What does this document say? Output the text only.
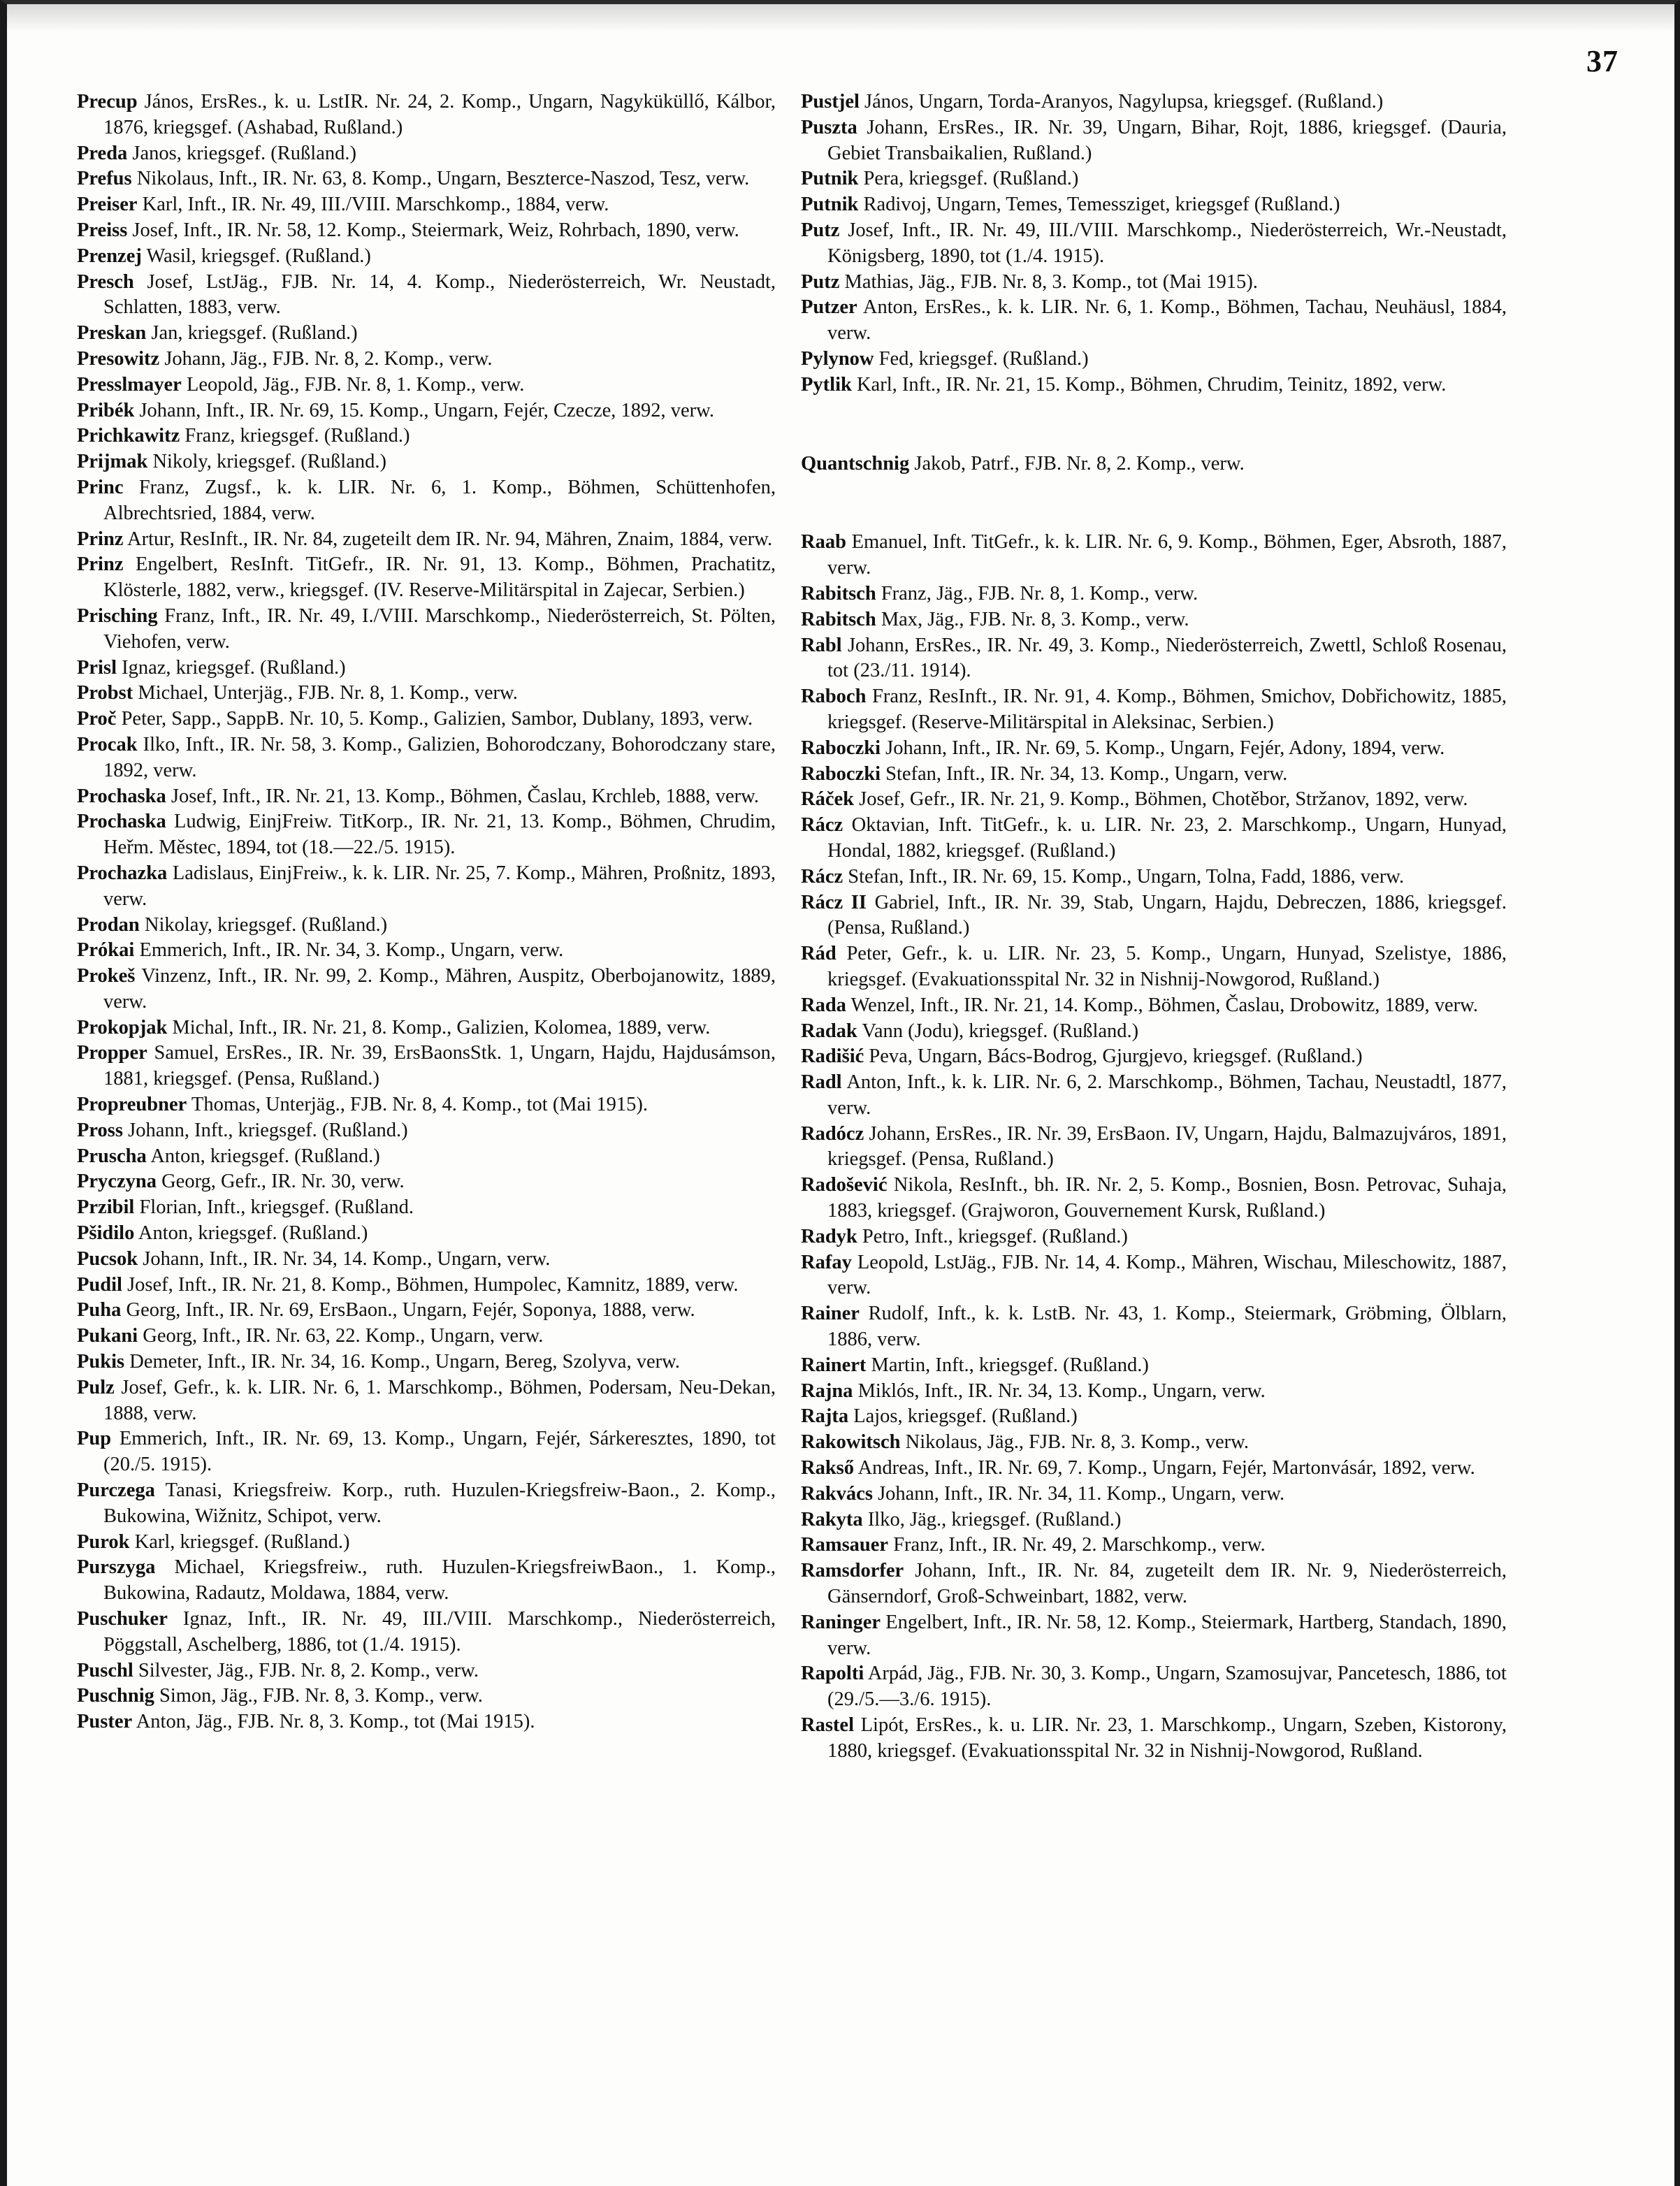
37
Precup János, ErsRes., k. u. LstIR. Nr. 24, 2. Komp., Ungarn, Nagyküküllő, Kálbor, 1876, kriegsgef. (Ashabad, Rußland.)
Preda Janos, kriegsgef. (Rußland.)
Prefus Nikolaus, Inft., IR. Nr. 63, 8. Komp., Ungarn, Beszterce-Naszod, Tesz, verw.
Preiser Karl, Inft., IR. Nr. 49, III./VIII. Marschkomp., 1884, verw.
Preiss Josef, Inft., IR. Nr. 58, 12. Komp., Steiermark, Weiz, Rohrbach, 1890, verw.
Prenzej Wasil, kriegsgef. (Rußland.)
Presch Josef, LstJäg., FJB. Nr. 14, 4. Komp., Niederösterreich, Wr. Neustadt, Schlatten, 1883, verw.
Preskan Jan, kriegsgef. (Rußland.)
Presowitz Johann, Jäg., FJB. Nr. 8, 2. Komp., verw.
Presslmayer Leopold, Jäg., FJB. Nr. 8, 1. Komp., verw.
Pribék Johann, Inft., IR. Nr. 69, 15. Komp., Ungarn, Fejér, Czecze, 1892, verw.
Prichkawitz Franz, kriegsgef. (Rußland.)
Prijmak Nikoly, kriegsgef. (Rußland.)
Princ Franz, Zugsf., k. k. LIR. Nr. 6, 1. Komp., Böhmen, Schüttenhofen, Albrechtsried, 1884, verw.
Prinz Artur, ResInft., IR. Nr. 84, zugeteilt dem IR. Nr. 94, Mähren, Znaim, 1884, verw.
Prinz Engelbert, ResInft. TitGefr., IR. Nr. 91, 13. Komp., Böhmen, Prachatitz, Klösterle, 1882, verw., kriegsgef. (IV. Reserve-Militärspital in Zajecar, Serbien.)
Prisching Franz, Inft., IR. Nr. 49, I./VIII. Marschkomp., Niederösterreich, St. Pölten, Viehofen, verw.
Prisl Ignaz, kriegsgef. (Rußland.)
Probst Michael, Unterjäg., FJB. Nr. 8, 1. Komp., verw.
Proč Peter, Sapp., SappB. Nr. 10, 5. Komp., Galizien, Sambor, Dublany, 1893, verw.
Procak Ilko, Inft., IR. Nr. 58, 3. Komp., Galizien, Bohorodczany, Bohorodczany stare, 1892, verw.
Prochaska Josef, Inft., IR. Nr. 21, 13. Komp., Böhmen, Časlau, Krchleb, 1888, verw.
Prochaska Ludwig, EinjFreiw. TitKorp., IR. Nr. 21, 13. Komp., Böhmen, Chrudim, Heřm. Městec, 1894, tot (18.—22./5. 1915).
Prochazka Ladislaus, EinjFreiw., k. k. LIR. Nr. 25, 7. Komp., Mähren, Proßnitz, 1893, verw.
Prodan Nikolay, kriegsgef. (Rußland.)
Prókai Emmerich, Inft., IR. Nr. 34, 3. Komp., Ungarn, verw.
Prokeš Vinzenz, Inft., IR. Nr. 99, 2. Komp., Mähren, Auspitz, Oberbojanowitz, 1889, verw.
Prokopjak Michal, Inft., IR. Nr. 21, 8. Komp., Galizien, Kolomea, 1889, verw.
Propper Samuel, ErsRes., IR. Nr. 39, ErsBaonsStk. 1, Ungarn, Hajdu, Hajdusámson, 1881, kriegsgef. (Pensa, Rußland.)
Propreubner Thomas, Unterjäg., FJB. Nr. 8, 4. Komp., tot (Mai 1915).
Pross Johann, Inft., kriegsgef. (Rußland.)
Pruscha Anton, kriegsgef. (Rußland.)
Pryczyna Georg, Gefr., IR. Nr. 30, verw.
Przibil Florian, Inft., kriegsgef. (Rußland.
Pšidilo Anton, kriegsgef. (Rußland.)
Pucsok Johann, Inft., IR. Nr. 34, 14. Komp., Ungarn, verw.
Pudil Josef, Inft., IR. Nr. 21, 8. Komp., Böhmen, Humpolec, Kamnitz, 1889, verw.
Puha Georg, Inft., IR. Nr. 69, ErsBaon., Ungarn, Fejér, Soponya, 1888, verw.
Pukani Georg, Inft., IR. Nr. 63, 22. Komp., Ungarn, verw.
Pukis Demeter, Inft., IR. Nr. 34, 16. Komp., Ungarn, Bereg, Szolyva, verw.
Pulz Josef, Gefr., k. k. LIR. Nr. 6, 1. Marschkomp., Böhmen, Podersam, Neu-Dekan, 1888, verw.
Pup Emmerich, Inft., IR. Nr. 69, 13. Komp., Ungarn, Fejér, Sárkeresztes, 1890, tot (20./5. 1915).
Purczega Tanasi, Kriegsfreiw. Korp., ruth. Huzulen-Kriegsfreiw-Baon., 2. Komp., Bukowina, Wižnitz, Schipot, verw.
Purok Karl, kriegsgef. (Rußland.)
Purszyga Michael, Kriegsfreiw., ruth. Huzulen-KriegsfreiwBaon., 1. Komp., Bukowina, Radautz, Moldawa, 1884, verw.
Puschuker Ignaz, Inft., IR. Nr. 49, III./VIII. Marschkomp., Niederösterreich, Pöggstall, Aschelberg, 1886, tot (1./4. 1915).
Puschl Silvester, Jäg., FJB. Nr. 8, 2. Komp., verw.
Puschnig Simon, Jäg., FJB. Nr. 8, 3. Komp., verw.
Puster Anton, Jäg., FJB. Nr. 8, 3. Komp., tot (Mai 1915).
Pustjel János, Ungarn, Torda-Aranyos, Nagylupsa, kriegsgef. (Rußland.)
Puszta Johann, ErsRes., IR. Nr. 39, Ungarn, Bihar, Rojt, 1886, kriegsgef. (Dauria, Gebiet Transbaikalien, Rußland.)
Putnik Pera, kriegsgef. (Rußland.)
Putnik Radivoj, Ungarn, Temes, Temessziget, kriegsgef (Rußland.)
Putz Josef, Inft., IR. Nr. 49, III./VIII. Marschkomp., Niederösterreich, Wr.-Neustadt, Königsberg, 1890, tot (1./4. 1915).
Putz Mathias, Jäg., FJB. Nr. 8, 3. Komp., tot (Mai 1915).
Putzer Anton, ErsRes., k. k. LIR. Nr. 6, 1. Komp., Böhmen, Tachau, Neuhäusl, 1884, verw.
Pylynow Fed, kriegsgef. (Rußland.)
Pytlik Karl, Inft., IR. Nr. 21, 15. Komp., Böhmen, Chrudim, Teinitz, 1892, verw.
Quantschnig Jakob, Patrf., FJB. Nr. 8, 2. Komp., verw.
Raab Emanuel, Inft. TitGefr., k. k. LIR. Nr. 6, 9. Komp., Böhmen, Eger, Absroth, 1887, verw.
Rabitsch Franz, Jäg., FJB. Nr. 8, 1. Komp., verw.
Rabitsch Max, Jäg., FJB. Nr. 8, 3. Komp., verw.
Rabl Johann, ErsRes., IR. Nr. 49, 3. Komp., Niederösterreich, Zwettl, Schloß Rosenau, tot (23./11. 1914).
Raboch Franz, ResInft., IR. Nr. 91, 4. Komp., Böhmen, Smichov, Dobřichowitz, 1885, kriegsgef. (Reserve-Militärspital in Aleksinac, Serbien.)
Raboczki Johann, Inft., IR. Nr. 69, 5. Komp., Ungarn, Fejér, Adony, 1894, verw.
Raboczki Stefan, Inft., IR. Nr. 34, 13. Komp., Ungarn, verw.
Ráček Josef, Gefr., IR. Nr. 21, 9. Komp., Böhmen, Chotěbor, Stržanov, 1892, verw.
Rácz Oktavian, Inft. TitGefr., k. u. LIR. Nr. 23, 2. Marschkomp., Ungarn, Hunyad, Hondal, 1882, kriegsgef. (Rußland.)
Rácz Stefan, Inft., IR. Nr. 69, 15. Komp., Ungarn, Tolna, Fadd, 1886, verw.
Rácz II Gabriel, Inft., IR. Nr. 39, Stab, Ungarn, Hajdu, Debreczen, 1886, kriegsgef. (Pensa, Rußland.)
Rád Peter, Gefr., k. u. LIR. Nr. 23, 5. Komp., Ungarn, Hunyad, Szelistye, 1886, kriegsgef. (Evakuationsspital Nr. 32 in Nishnij-Nowgorod, Rußland.)
Rada Wenzel, Inft., IR. Nr. 21, 14. Komp., Böhmen, Časlau, Drobowitz, 1889, verw.
Radak Vann (Jodu), kriegsgef. (Rußland.)
Radišić Peva, Ungarn, Bács-Bodrog, Gjurgjevo, kriegsgef. (Rußland.)
Radl Anton, Inft., k. k. LIR. Nr. 6, 2. Marschkomp., Böhmen, Tachau, Neustadtl, 1877, verw.
Radócz Johann, ErsRes., IR. Nr. 39, ErsBaon. IV, Ungarn, Hajdu, Balmazujváros, 1891, kriegsgef. (Pensa, Rußland.)
Radošević Nikola, ResInft., bh. IR. Nr. 2, 5. Komp., Bosnien, Bosn. Petrovac, Suhaja, 1883, kriegsgef. (Grajworon, Gouvernement Kursk, Rußland.)
Radyk Petro, Inft., kriegsgef. (Rußland.)
Rafay Leopold, LstJäg., FJB. Nr. 14, 4. Komp., Mähren, Wischau, Mileschowitz, 1887, verw.
Rainer Rudolf, Inft., k. k. LstB. Nr. 43, 1. Komp., Steiermark, Gröbming, Ölblarn, 1886, verw.
Rainert Martin, Inft., kriegsgef. (Rußland.)
Rajna Miklós, Inft., IR. Nr. 34, 13. Komp., Ungarn, verw.
Rajta Lajos, kriegsgef. (Rußland.)
Rakowitsch Nikolaus, Jäg., FJB. Nr. 8, 3. Komp., verw.
Rakső Andreas, Inft., IR. Nr. 69, 7. Komp., Ungarn, Fejér, Martonvásár, 1892, verw.
Rakvács Johann, Inft., IR. Nr. 34, 11. Komp., Ungarn, verw.
Rakyta Ilko, Jäg., kriegsgef. (Rußland.)
Ramsauer Franz, Inft., IR. Nr. 49, 2. Marschkomp., verw.
Ramsdorfer Johann, Inft., IR. Nr. 84, zugeteilt dem IR. Nr. 9, Niederösterreich, Gänserndorf, Groß-Schweinbart, 1882, verw.
Raninger Engelbert, Inft., IR. Nr. 58, 12. Komp., Steiermark, Hartberg, Standach, 1890, verw.
Rapolti Arpád, Jäg., FJB. Nr. 30, 3. Komp., Ungarn, Szamosujvar, Pancetesch, 1886, tot (29./5.—3./6. 1915).
Rastel Lipót, ErsRes., k. u. LIR. Nr. 23, 1. Marschkomp., Ungarn, Szeben, Kistorony, 1880, kriegsgef. (Evakuationsspital Nr. 32 in Nishnij-Nowgorod, Rußland.
